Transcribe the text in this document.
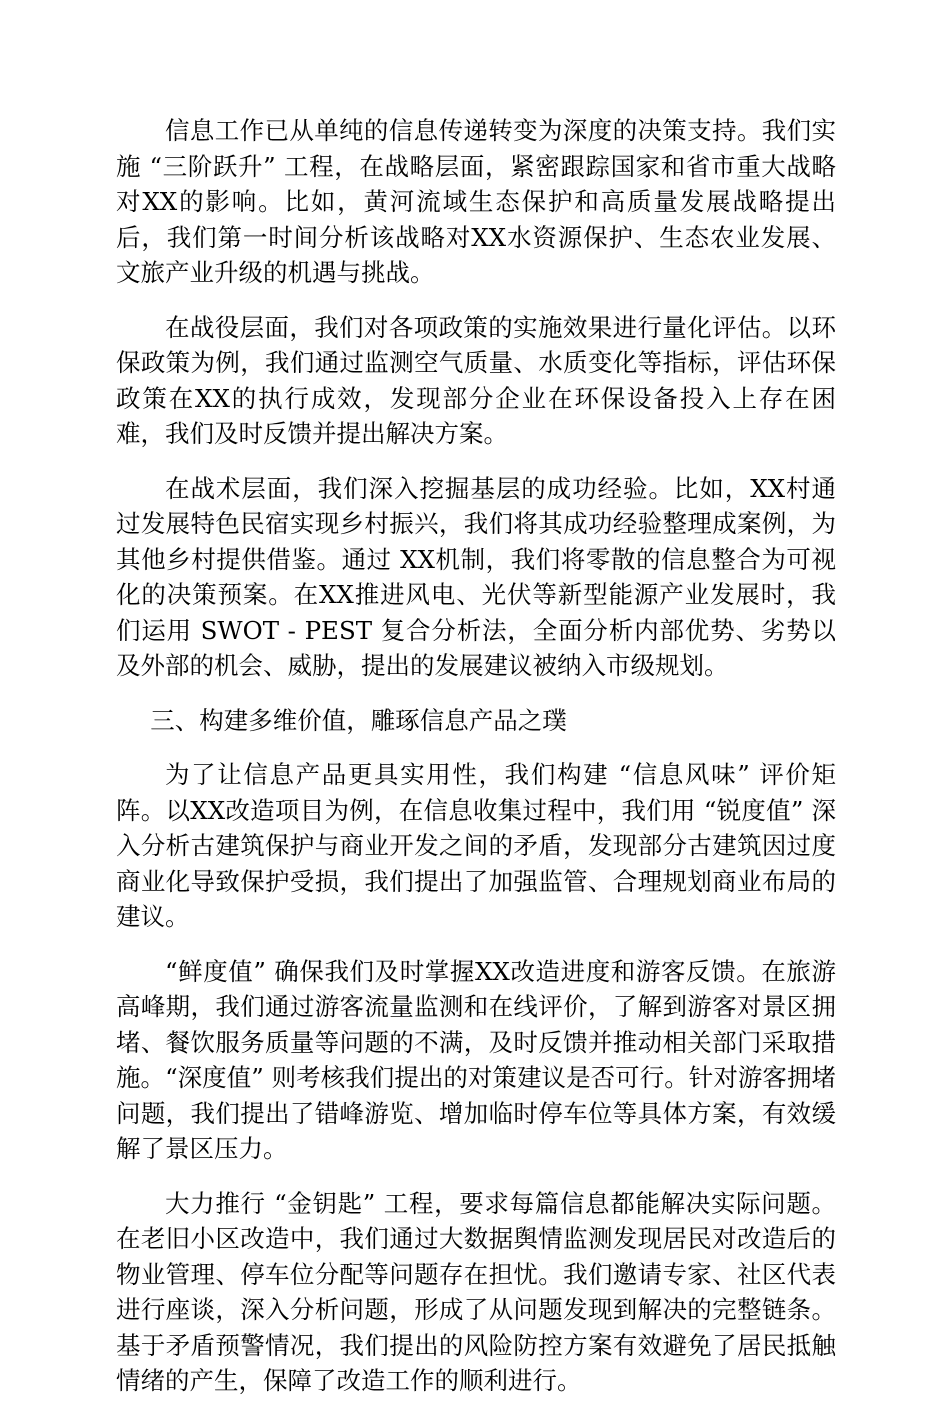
信息工作已从单纯的信息传递转变为深度的决策支持。我们实施 “三阶跃升” 工程，在战略层面，紧密跟踪国家和省市重大战略对XX的影响。比如，黄河流域生态保护和高质量发展战略提出后，我们第一时间分析该战略对XX水资源保护、生态农业发展、文旅产业升级的机遇与挑战。

在战役层面，我们对各项政策的实施效果进行量化评估。以环保政策为例，我们通过监测空气质量、水质变化等指标，评估环保政策在XX的执行成效，发现部分企业在环保设备投入上存在困难，我们及时反馈并提出解决方案。

在战术层面，我们深入挖掘基层的成功经验。比如，XX村通过发展特色民宿实现乡村振兴，我们将其成功经验整理成案例，为其他乡村提供借鉴。通过 XX机制，我们将零散的信息整合为可视化的决策预案。在XX推进风电、光伏等新型能源产业发展时，我们运用 SWOT - PEST 复合分析法，全面分析内部优势、劣势以及外部的机会、威胁，提出的发展建议被纳入市级规划。

三、构建多维价值，雕琢信息产品之璞

为了让信息产品更具实用性，我们构建 “信息风味” 评价矩阵。以XX改造项目为例，在信息收集过程中，我们用 “锐度值” 深入分析古建筑保护与商业开发之间的矛盾，发现部分古建筑因过度商业化导致保护受损，我们提出了加强监管、合理规划商业布局的建议。

“鲜度值” 确保我们及时掌握XX改造进度和游客反馈。在旅游高峰期，我们通过游客流量监测和在线评价，了解到游客对景区拥堵、餐饮服务质量等问题的不满，及时反馈并推动相关部门采取措施。“深度值” 则考核我们提出的对策建议是否可行。针对游客拥堵问题，我们提出了错峰游览、增加临时停车位等具体方案，有效缓解了景区压力。

大力推行 “金钥匙” 工程，要求每篇信息都能解决实际问题。在老旧小区改造中，我们通过大数据舆情监测发现居民对改造后的物业管理、停车位分配等问题存在担忧。我们邀请专家、社区代表进行座谈，深入分析问题，形成了从问题发现到解决的完整链条。基于矛盾预警情况，我们提出的风险防控方案有效避免了居民抵触情绪的产生，保障了改造工作的顺利进行。
